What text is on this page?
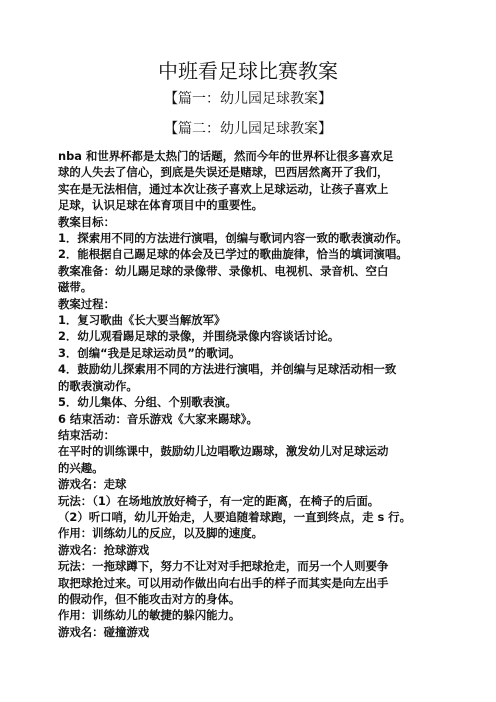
中班看足球比赛教案
【篇一：幼儿园足球教案】
【篇二：幼儿园足球教案】
nba 和世界杯都是太热门的话题，然而今年的世界杯让很多喜欢足
球的人失去了信心，到底是失误还是赌球，巴西居然离开了我们，
实在是无法相信，通过本次让孩子喜欢上足球运动，让孩子喜欢上
足球，认识足球在体育项目中的重要性。
教案目标：
1．探索用不同的方法进行演唱，创编与歌词内容一致的歌表演动作。
2．能根据自己踢足球的体会及已学过的歌曲旋律，恰当的填词演唱。
教案准备：幼儿踢足球的录像带、录像机、电视机、录音机、空白
磁带。
教案过程：
1．复习歌曲《长大要当解放军》
2．幼儿观看踢足球的录像，并围绕录像内容谈话讨论。
3．创编“我是足球运动员”的歌词。
4．鼓励幼儿探索用不同的方法进行演唱，并创编与足球活动相一致
的歌表演动作。
5．幼儿集体、分组、个别歌表演。
6 结束活动：音乐游戏《大家来踢球》。
结束活动：
在平时的训练课中，鼓励幼儿边唱歌边踢球，激发幼儿对足球运动
的兴趣。
游戏名：走球
玩法：（1）在场地放放好椅子，有一定的距离，在椅子的后面。
（2）听口哨，幼儿开始走，人要追随着球跑，一直到终点，走 s 行。
作用：训练幼儿的反应，以及脚的速度。
游戏名：抢球游戏
玩法：一拖球蹲下，努力不让对对手把球抢走，而另一个人则要争
取把球抢过来。可以用动作做出向右出手的样子而其实是向左出手
的假动作，但不能攻击对方的身体。
作用：训练幼儿的敏捷的躲闪能力。
游戏名：碰撞游戏
